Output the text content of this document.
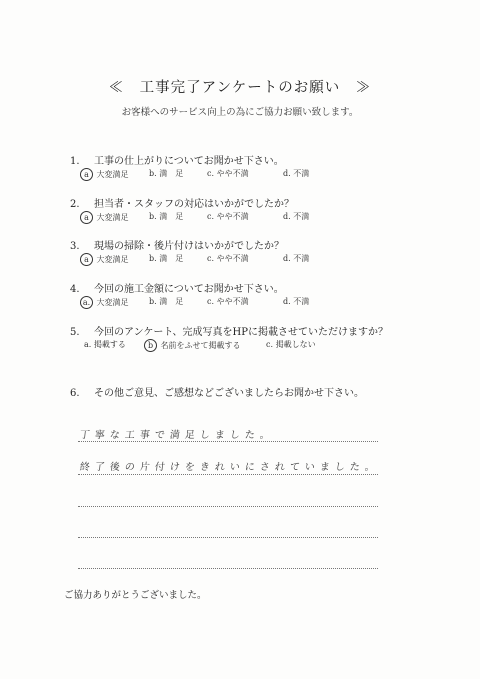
≪　工事完了アンケートのお願い　≫
お客様へのサービス向上の為にご協力お願い致します。
1. 工事の仕上がりについてお聞かせ下さい。
a 大変満足	b. 満　足	c. やや不満	d. 不満
2. 担当者・スタッフの対応はいかがでしたか？
a 大変満足	b. 満　足	c. やや不満	d. 不満
3. 現場の掃除・後片付けはいかがでしたか？
a 大変満足	b. 満　足	c. やや不満	d. 不満
4. 今回の施工金額についてお聞かせ下さい。
a. 大変満足	b. 満　足	c. やや不満	d. 不満
5. 今回のアンケート、完成写真をHPに掲載させていただけますか？
a. 掲載する	b 名前をふせて掲載する	c. 掲載しない
6. その他ご意見、ご感想などございましたらお聞かせ下さい。
丁寧な工事で満足しました。
終了後の片付けをきれいにされていました。
ご協力ありがとうございました。
